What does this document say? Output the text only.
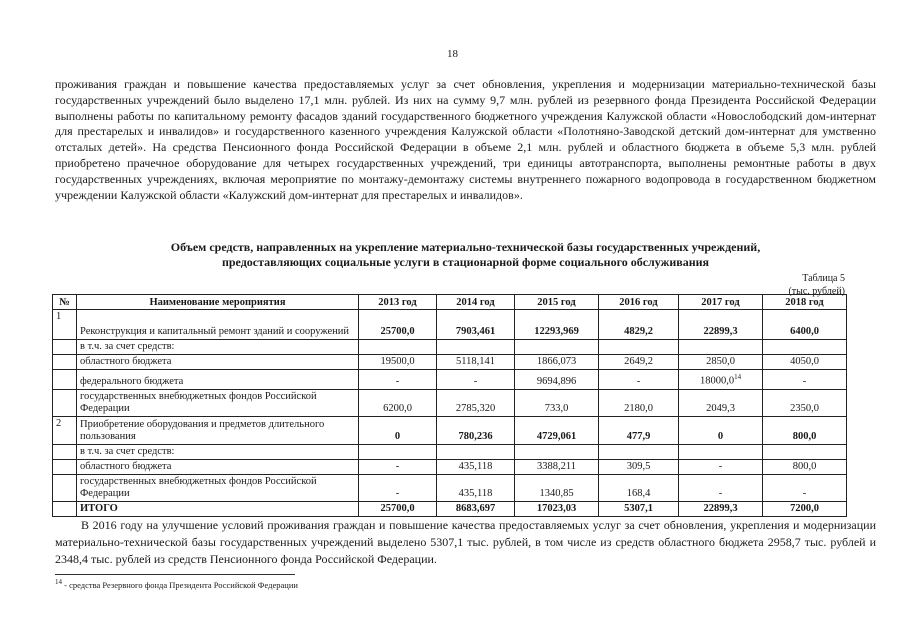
18

проживания граждан и повышение качества предоставляемых услуг за счет обновления, укрепления и модернизации материально-технической базы государственных учреждений было выделено 17,1 млн. рублей. Из них на сумму 9,7 млн. рублей из резервного фонда Президента Российской Федерации выполнены работы по капитальному ремонту фасадов зданий государственного бюджетного учреждения Калужской области «Новослободский дом-интернат для престарелых и инвалидов» и государственного казенного учреждения Калужской области «Полотняно-Заводской детский дом-интернат для умственно отсталых детей». На средства Пенсионного фонда Российской Федерации в объеме 2,1 млн. рублей и областного бюджета в объеме 5,3 млн. рублей приобретено прачечное оборудование для четырех государственных учреждений, три единицы автотранспорта, выполнены ремонтные работы в двух государственных учреждениях, включая мероприятие по монтажу-демонтажу системы внутреннего пожарного водопровода в государственном бюджетном учреждении Калужской области «Калужский дом-интернат для престарелых и инвалидов».

Объем средств, направленных на укрепление материально-технической базы государственных учреждений,
предоставляющих социальные услуги в стационарной форме социального обслуживания
Таблица 5
(тыс. рублей)
№	Наименование мероприятия	2013 год	2014 год	2015 год	2016 год	2017 год	2018 год
1	Реконструкция и капитальный ремонт зданий и сооружений	25700,0	7903,461	12293,969	4829,2	22899,3	6400,0
	в т.ч. за счет средств:						
	областного бюджета	19500,0	5118,141	1866,073	2649,2	2850,0	4050,0
	федерального бюджета	-	-	9694,896	-	18000,0$^{14}$	-
	государственных внебюджетных фондов Российской Федерации	6200,0	2785,320	733,0	2180,0	2049,3	2350,0
2	Приобретение оборудования и предметов длительного пользования	0	780,236	4729,061	477,9	0	800,0
	в т.ч. за счет средств:						
	областного бюджета	-	435,118	3388,211	309,5	-	800,0
	государственных внебюджетных фондов Российской Федерации	-	435,118	1340,85	168,4	-	-
	ИТОГО	25700,0	8683,697	17023,03	5307,1	22899,3	7200,0

В 2016 году на улучшение условий проживания граждан и повышение качества предоставляемых услуг за счет обновления, укрепления и модернизации материально-технической базы государственных учреждений выделено 5307,1 тыс. рублей, в том числе из средств областного бюджета 2958,7 тыс. рублей и 2348,4 тыс. рублей из средств Пенсионного фонда Российской Федерации.

$^{14}$ - средства Резервного фонда Президента Российской Федерации
